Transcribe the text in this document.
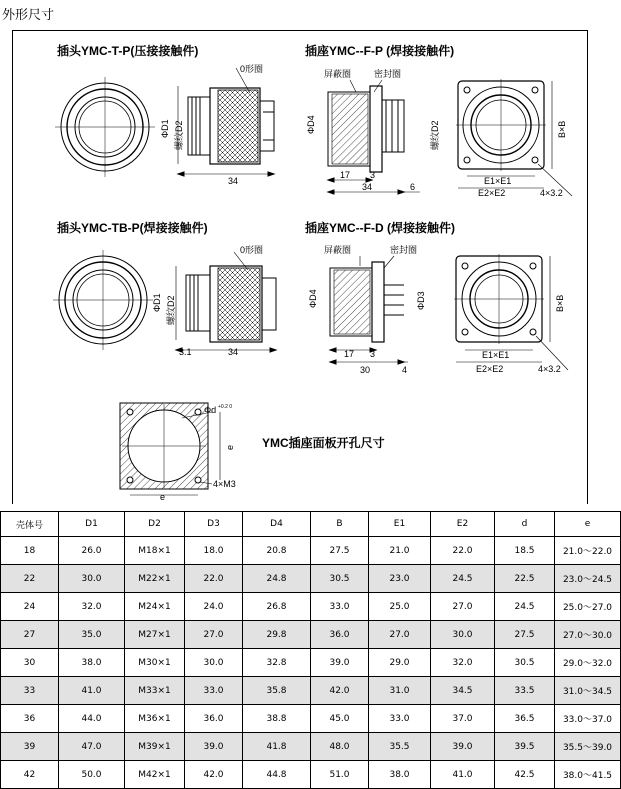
外形尺寸
插头YMC-T-P(压接接触件)
0形圈
ΦD1 螺纹D2
34
插座YMC--F-P (焊接接触件)
屏蔽圈	密封圈
ΦD4	螺纹D2
17 3
34	6
B×B
E1×E1
E2×E2	4×3.2
插头YMC-TB-P(焊接接触件)
0形圈
ΦD1 螺纹D2
3.1	34
插座YMC--F-D (焊接接触件)
屏蔽圈	密封圈
ΦD4	ΦD3
17 3
30	4
B×B
E1×E1
E2×E2	4×3.2
Φd +0.2 0
e
e
4×M3
YMC插座面板开孔尺寸
壳体号	D1	D2	D3	D4	B	E1	E2	d	e
18	26.0	M18×1	18.0	20.8	27.5	21.0	22.0	18.5	21.0～22.0
22	30.0	M22×1	22.0	24.8	30.5	23.0	24.5	22.5	23.0～24.5
24	32.0	M24×1	24.0	26.8	33.0	25.0	27.0	24.5	25.0～27.0
27	35.0	M27×1	27.0	29.8	36.0	27.0	30.0	27.5	27.0～30.0
30	38.0	M30×1	30.0	32.8	39.0	29.0	32.0	30.5	29.0～32.0
33	41.0	M33×1	33.0	35.8	42.0	31.0	34.5	33.5	31.0～34.5
36	44.0	M36×1	36.0	38.8	45.0	33.0	37.0	36.5	33.0～37.0
39	47.0	M39×1	39.0	41.8	48.0	35.5	39.0	39.5	35.5～39.0
42	50.0	M42×1	42.0	44.8	51.0	38.0	41.0	42.5	38.0～41.5
